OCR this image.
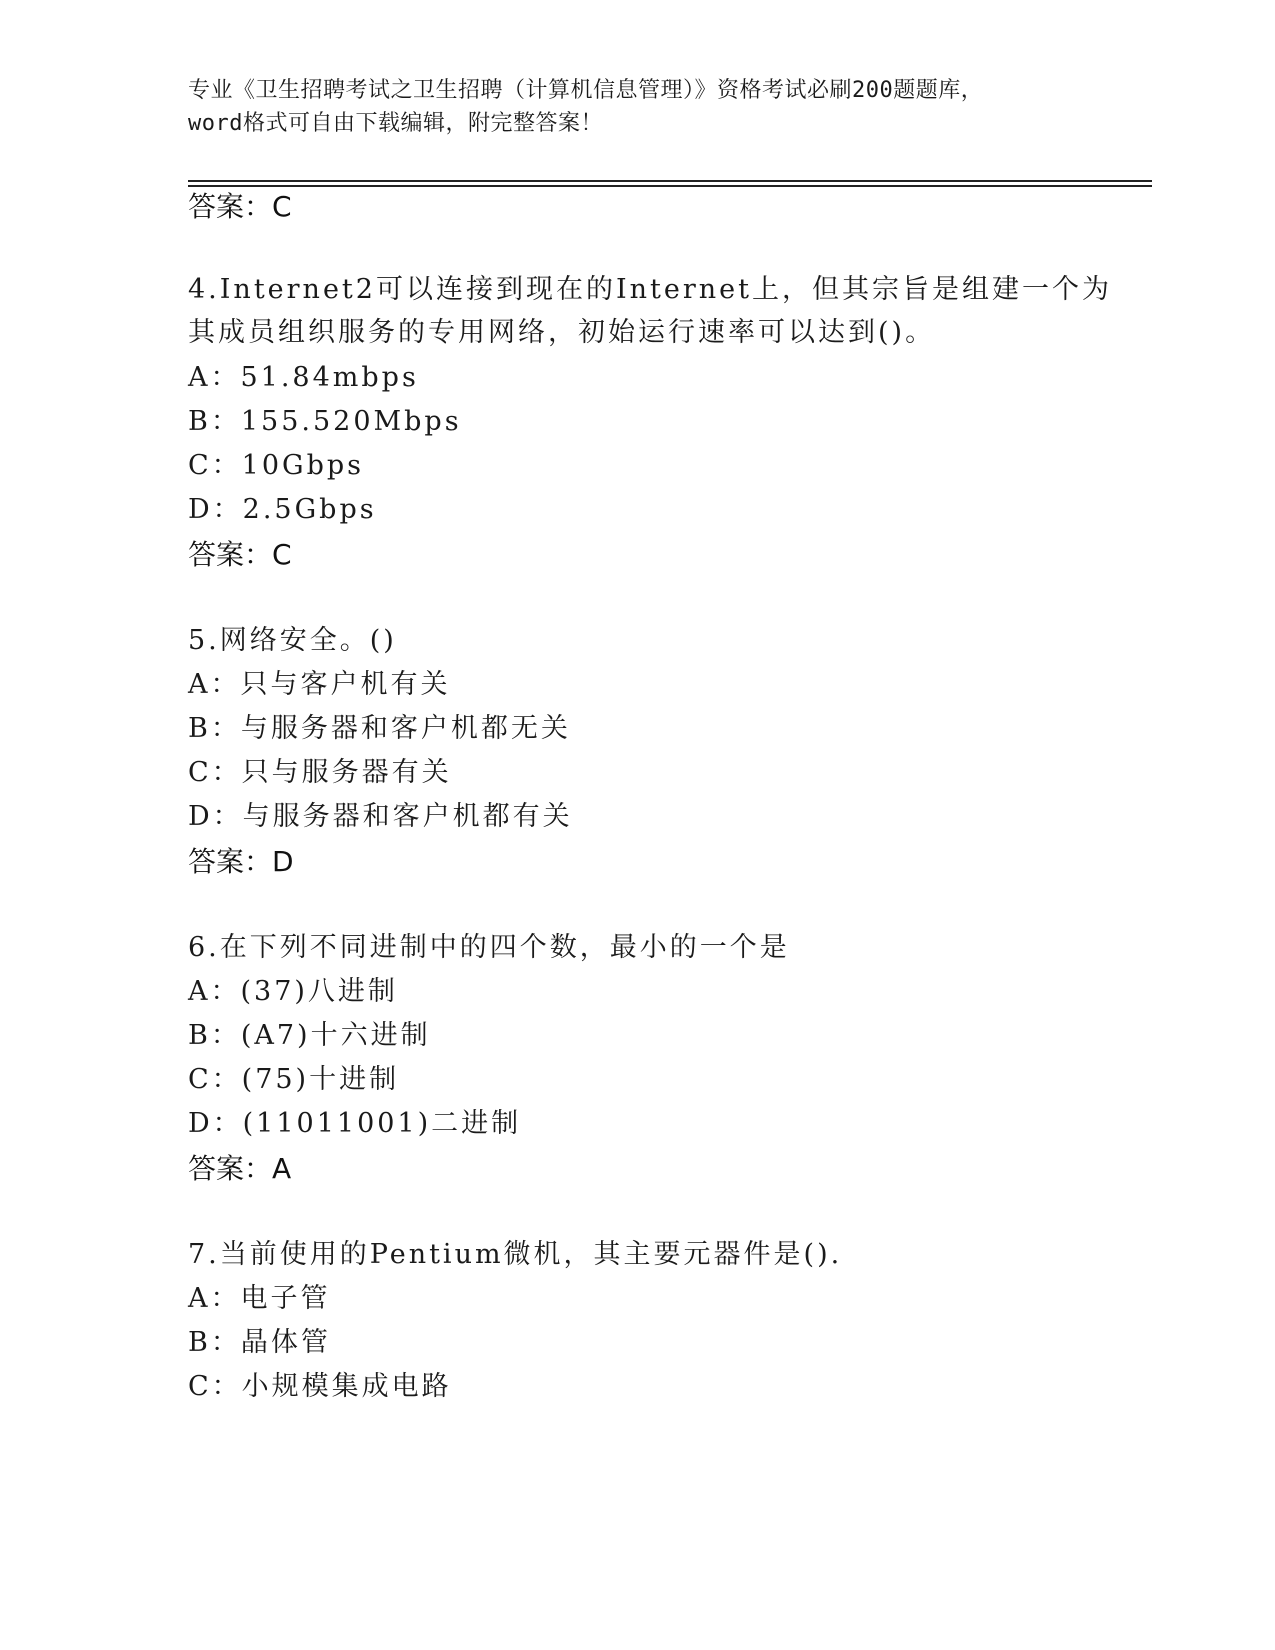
专业《卫生招聘考试之卫生招聘（计算机信息管理）》资格考试必刷200题题库，
word格式可自由下载编辑，附完整答案！
答案：C
4.Internet2可以连接到现在的Internet上，但其宗旨是组建一个为
其成员组织服务的专用网络，初始运行速率可以达到()。
A：51.84mbps
B：155.520Mbps
C：10Gbps
D：2.5Gbps
答案：C
5.网络安全。()
A：只与客户机有关
B：与服务器和客户机都无关
C：只与服务器有关
D：与服务器和客户机都有关
答案：D
6.在下列不同进制中的四个数，最小的一个是
A：(37)八进制
B：(A7)十六进制
C：(75)十进制
D：(11011001)二进制
答案：A
7.当前使用的Pentium微机，其主要元器件是().
A：电子管
B：晶体管
C：小规模集成电路
